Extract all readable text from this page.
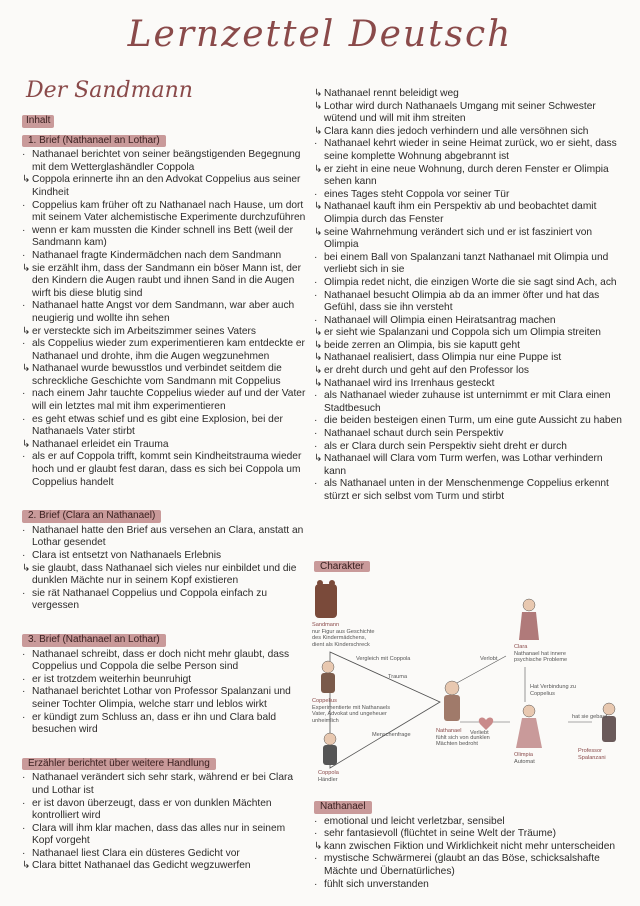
Lernzettel Deutsch
Der Sandmann
Inhalt
1. Brief (Nathanael an Lothar)
· Nathanael berichtet von seiner beängstigenden Begegnung mit dem Wetterglashändler Coppola
↳ Coppola erinnerte ihn an den Advokat Coppelius aus seiner Kindheit
· Coppelius kam früher oft zu Nathanael nach Hause, um dort mit seinem Vater alchemistische Experimente durchzuführen
· wenn er kam mussten die Kinder schnell ins Bett (weil der Sandmann kam)
· Nathanael fragte Kindermädchen nach dem Sandmann
↳ sie erzählt ihm, dass der Sandmann ein böser Mann ist, der den Kindern die Augen raubt und ihnen Sand in die Augen wirft bis diese blutig sind
· Nathanael hatte Angst vor dem Sandmann, war aber auch neugierig und wollte ihn sehen
↳ er versteckte sich im Arbeitszimmer seines Vaters
· als Coppelius wieder zum experimentieren kam entdeckte er Nathanael und drohte, ihm die Augen wegzunehmen
↳ Nathanael wurde bewusstlos und verbindet seitdem die schreckliche Geschichte vom Sandmann mit Coppelius
· nach einem Jahr tauchte Coppelius wieder auf und der Vater will ein letztes mal mit ihm experimentieren
· es geht etwas schief und es gibt eine Explosion, bei der Nathanaels Vater stirbt
↳ Nathanael erleidet ein Trauma
· als er auf Coppola trifft, kommt sein Kindheitstrauma wieder hoch und er glaubt fest daran, dass es sich bei Coppola um Coppelius handelt
2. Brief (Clara an Nathanael)
· Nathanael hatte den Brief aus versehen an Clara, anstatt an Lothar gesendet
· Clara ist entsetzt von Nathanaels Erlebnis
↳ sie glaubt, dass Nathanael sich vieles nur einbildet und die dunklen Mächte nur in seinem Kopf existieren
· sie rät Nathanael Coppelius und Coppola einfach zu vergessen
3. Brief (Nathanael an Lothar)
· Nathanael schreibt, dass er doch nicht mehr glaubt, dass Coppelius und Coppola die selbe Person sind
· er ist trotzdem weiterhin beunruhigt
· Nathanael berichtet Lothar von Professor Spalanzani und seiner Tochter Olimpia, welche starr und leblos wirkt
· er kündigt zum Schluss an, dass er ihn und Clara bald besuchen wird
Erzähler berichtet über weitere Handlung
· Nathanael verändert sich sehr stark, während er bei Clara und Lothar ist
· er ist davon überzeugt, dass er von dunklen Mächten kontrolliert wird
· Clara will ihm klar machen, dass das alles nur in seinem Kopf vorgeht
· Nathanael liest Clara ein düsteres Gedicht vor
↳ Clara bittet Nathanael das Gedicht wegzuwerfen
↳ Nathanael rennt beleidigt weg
↳ Lothar wird durch Nathanaels Umgang mit seiner Schwester wütend und will mit ihm streiten
↳ Clara kann dies jedoch verhindern und alle versöhnen sich
· Nathanael kehrt wieder in seine Heimat zurück, wo er sieht, dass seine komplette Wohnung abgebrannt ist
↳ er zieht in eine neue Wohnung, durch deren Fenster er Olimpia sehen kann
· eines Tages steht Coppola vor seiner Tür
↳ Nathanael kauft ihm ein Perspektiv ab und beobachtet damit Olimpia durch das Fenster
↳ seine Wahrnehmung verändert sich und er ist fasziniert von Olimpia
· bei einem Ball von Spalanzani tanzt Nathanael mit Olimpia und verliebt sich in sie
· Olimpia redet nicht, die einzigen Worte die sie sagt sind Ach, ach
· Nathanael besucht Olimpia ab da an immer öfter und hat das Gefühl, dass sie ihn versteht
· Nathanael will Olimpia einen Heiratsantrag machen
↳ er sieht wie Spalanzani und Coppola sich um Olimpia streiten
↳ beide zerren an Olimpia, bis sie kaputt geht
↳ Nathanael realisiert, dass Olimpia nur eine Puppe ist
↳ er dreht durch und geht auf den Professor los
↳ Nathanael wird ins Irrenhaus gesteckt
· als Nathanael wieder zuhause ist unternimmt er mit Clara einen Stadtbesuch
· die beiden besteigen einen Turm, um eine gute Aussicht zu haben
· Nathanael schaut durch sein Perspektiv
· als er Clara durch sein Perspektiv sieht dreht er durch
↳ Nathanael will Clara vom Turm werfen, was Lothar verhindern kann
· als Nathanael unten in der Menschenmenge Coppelius erkennt stürzt er sich selbst vom Turm und stirbt
Charakter
Sandmann
nur Figur aus Geschichte des Kindermädchens, dient als Kinderschreck
Coppelius
Experimentierte mit Nathanaels Vater, Advokat und ungeheuer unheimlich
Coppola
Händler
Nathanael
fühlt sich von dunklen Mächten bedroht
Clara
Nathanael hat innere psychische Probleme
Olimpia
Automat
Professor Spalanzani
Verlobt
Verliebt
hat sie gebaut
Trauma
Hat Verbindung zu Coppelius
Vergleich mit Coppola
Menschenfrage
Nathanael
· emotional und leicht verletzbar, sensibel
· sehr fantasievoll (flüchtet in seine Welt der Träume)
↳ kann zwischen Fiktion und Wirklichkeit nicht mehr unterscheiden
· mystische Schwärmerei (glaubt an das Böse, schicksalshafte Mächte und Übernatürliches)
· fühlt sich unverstanden
